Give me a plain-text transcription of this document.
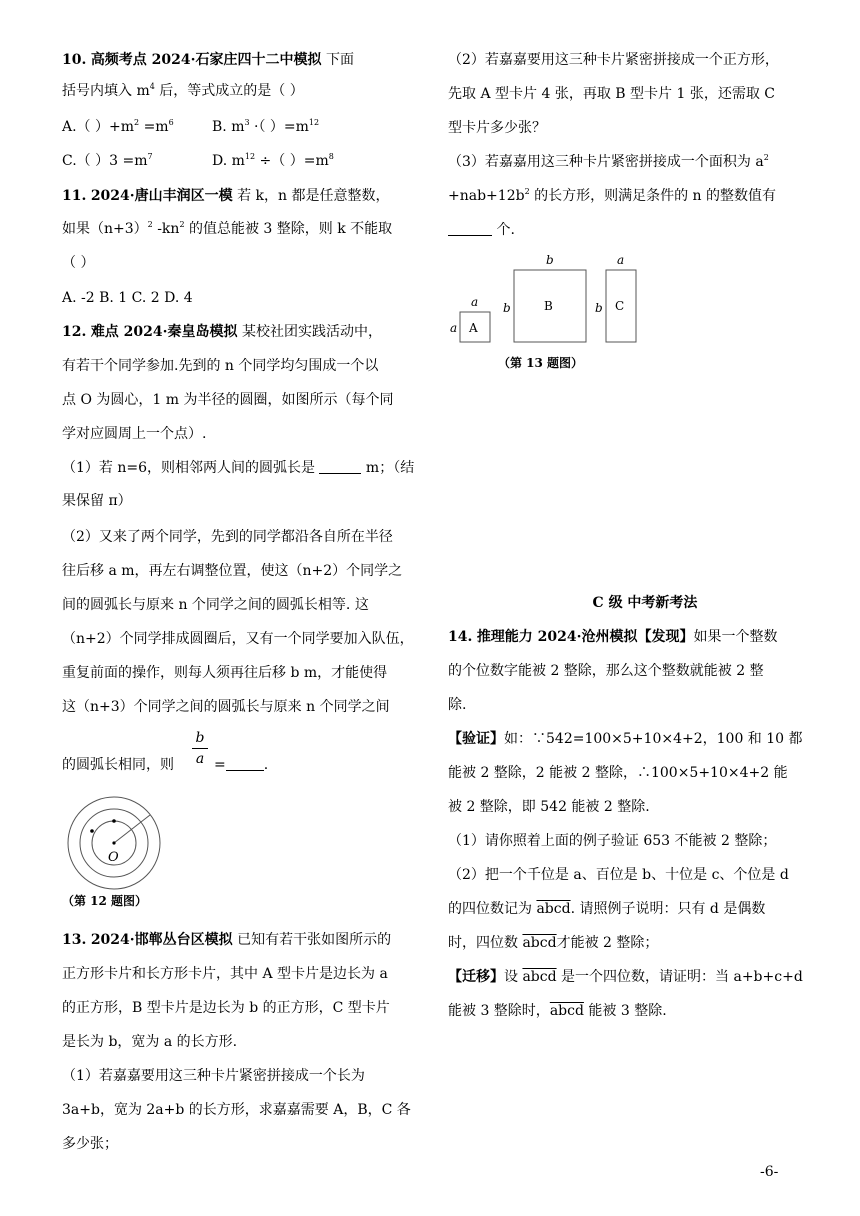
10. 高频考点 2024·石家庄四十二中模拟 下面
括号内填入 $m^4$ 后，等式成立的是（ ）
A.（ ）$+m^2 =m^6$	B. $m^3$ ·（ ）$=m^{12}$
C.（ ）$3 =m^7$	D. $m^{12}$ ÷（ ）$=m^8$
11. 2024·唐山丰润区一模 若 k，n 都是任意整数，
如果$(n+3)^2$ $-kn^2$ 的值总能被 3 整除，则 k 不能取
（ ）
A. -2 B. 1 C. 2 D. 4
12. 难点 2024·秦皇岛模拟 某校社团实践活动中，
有若干个同学参加.先到的 n 个同学均匀围成一个以
点 O 为圆心，1 m 为半径的圆圈，如图所示（每个同
学对应圆周上一个点）.
（1）若 n=6，则相邻两人间的圆弧长是	m；（结
果保留 π）
（2）又来了两个同学，先到的同学都沿各自所在半径
往后移 a m，再左右调整位置，使这（n+2）个同学之
间的圆弧长与原来 n 个同学之间的圆弧长相等. 这
（n+2）个同学排成圆圈后，又有一个同学要加入队伍，
重复前面的操作，则每人须再往后移 b m，才能使得
这（n+3）个同学之间的圆弧长与原来 n 个同学之间
的圆弧长相同，则
b
a =	.
O
（第 12 题图）
13. 2024·邯郸丛台区模拟 已知有若干张如图所示的
正方形卡片和长方形卡片，其中 A 型卡片是边长为 a
的正方形，B 型卡片是边长为 b 的正方形，C 型卡片
是长为 b，宽为 a 的长方形.
（1）若嘉嘉要用这三种卡片紧密拼接成一个长为
3a+b，宽为 2a+b 的长方形，求嘉嘉需要 A，B，C 各
多少张；
（2）若嘉嘉要用这三种卡片紧密拼接成一个正方形，
先取 A 型卡片 4 张，再取 B 型卡片 1 张，还需取 C
型卡片多少张？
（3）若嘉嘉用这三种卡片紧密拼接成一个面积为 $a^2$
$+nab+12b^2$ 的长方形，则满足条件的 n 的整数值有
个.
A
a
a
B
b
b	C
a
b
（第 13 题图）
C 级 中考新考法
14. 推理能力 2024·沧州模拟【发现】如果一个整数
的个位数字能被 2 整除，那么这个整数就能被 2 整
除.
【验证】如：∵542=100×5+10×4+2，100 和 10 都
能被 2 整除，2 能被 2 整除，∴100×5+10×4+2 能
被 2 整除，即 542 能被 2 整除.
（1）请你照着上面的例子验证 653 不能被 2 整除；
（2）把一个千位是 a、百位是 b、十位是 c、个位是 d
的四位数记为 abcd. 请照例子说明：只有 d 是偶数
时，四位数 abcd才能被 2 整除；
【迁移】设 abcd 是一个四位数，请证明：当 a+b+c+d
能被 3 整除时，abcd 能被 3 整除.
-6-
